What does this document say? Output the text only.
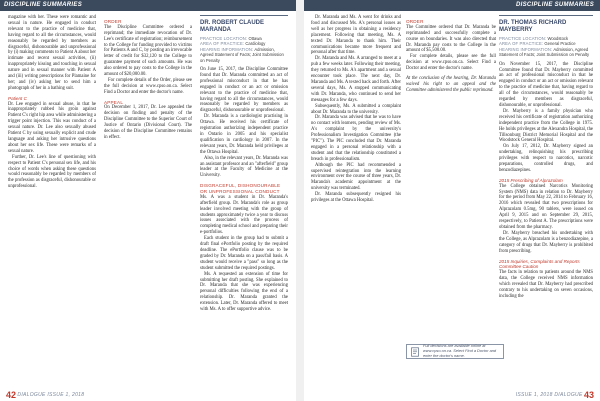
DISCIPLINE SUMMARIES	DISCIPLINE SUMMARIES

magazine with her. These were romantic and sexual in nature. He engaged in conduct relevant to the practice of medicine that, having regard to all the circumstances, would reasonably be regarded by members as disgraceful, dishonourable and unprofessional by (i) making comments to Patient A about her intimate and recent sexual activities, (ii) inappropriately kissing and touching in sexual nature and in sexual manner with Patient A and (iii) writing prescriptions for Plamaine for her; and (iv) asking her to send him a photograph of her in a bathing suit.

Patient C

Dr. Lee engaged in sexual abuse, in that he inappropriately rubbed his groin against Patient C's right hip area while administering a trigger point injection. This was conduct of a sexual nature. Dr. Lee also sexually abused Patient C by using sexually explicit and crude language and asking her intrusive questions about her sex life. These were remarks of a sexual nature.

Further, Dr. Lee's line of questioning with respect to Patient C's personal sex life, and his choice of words when asking these questions would reasonably be regarded by members of the profession as disgraceful, dishonourable or unprofessional.

DR. ROBERT CLAUDE MARANDA
PRACTICE LOCATION: Ottawa
AREA OF PRACTICE: Cardiology
HEARING INFORMATION: Admission, Agreed Statement of Facts; Joint Submission on Penalty

On June 15, 2017, the Discipline Committee found that Dr. Maranda committed an act of professional misconduct in that he has engaged in conduct or an act or omission relevant to the practice of medicine that, having regard to all the circumstances, would reasonably be regarded by members as disgraceful, dishonourable or unprofessional.

Dr. Maranda is a cardiologist practising in Ottawa. He received his certificate of registration authorizing independent practice in Ontario in 2005 and his specialist qualification in cardiology in 2007. In the relevant years, Dr. Maranda held privileges at the Ottawa Hospital.

Also, in the relevant years, Dr. Maranda was an assistant professor and an "afterfield" group leader at the Faculty of Medicine at the University.

DISGRACEFUL, DISHONOURABLE OR UNPROFESSIONAL CONDUCT

Ms. A was a student in Dr. Maranda's afterfield group. Dr. Maranda's role as group leader involved meeting with the group of students approximately twice a year to discuss issues associated with the process of completing medical school and preparing their e-portfolios.

Each student in the group had to submit a draft final ePortfolio posting by the required deadline. The ePortfolio clause was to be graded by Dr. Maranda on a pass/fail basis. A student would receive a "pass" so long as the student submitted the required postings.

Ms. A requested an extension of time for submitting her draft posting. She explained to Dr. Maranda that she was experiencing personal difficulties following the end of a relationship. Dr. Maranda granted the extension. Later, Dr. Maranda offered to meet with Ms. A to offer supportive advice.

Dr. Maranda and Ms. A went for drinks and food and discussed Ms. A's personal issues as well as her progress in obtaining a residency placement. Following that meeting, Ms. A texted Dr. Maranda to thank him. Their communications became more frequent and personal after that time.

Dr. Maranda and Ms. A arranged to meet at a pub a few weeks later. Following their meeting, they returned to Ms. A's apartment and a sexual encounter took place. The next day, Dr. Maranda and Ms. A texted back and forth. After several days, Ms. A stopped communicating with Dr. Maranda, who continued to send her messages for a few days.

Subsequently, Ms. A submitted a complaint about Dr. Maranda to the university.

Dr. Maranda was advised that he was to have no contact with learners, pending review of Ms. A's complaint by the university's Professionalism Investigation Committee (the "PIC"). The PIC concluded that Dr. Maranda engaged in a personal relationship with a student and that the relationship constituted a breach in professionalism.

Although the PIC had recommended a supervised reintegration into the learning environment over the course of three years, Dr. Maranda's academic appointment at the university was terminated.

Dr. Maranda subsequently resigned his privileges at the Ottawa Hospital.

ORDER

The Discipline Committee ordered a reprimand; the immediate revocation of Dr. Lee's certificate of registration; reimbursement to the College for funding provided to victims for Patients A and C, by posting an irrevocable letter of credit for $32,120 to the College to guarantee payment of such amounts. He was also ordered to pay costs to the College in the amount of $20,000.00.

For complete details of the Order, please see the full decision at www.cpso.on.ca. Select Find a Doctor and enter the doctor's name.

APPEAL

On December 1, 2017, Dr. Lee appealed the decision on finding and penalty of the Discipline Committee to the Superior Court of Justice of Ontario (Divisional Court). The decision of the Discipline Committee remains in effect.

ORDER

The Committee ordered that Dr. Maranda be reprimanded and successfully complete a course on boundaries. It was also directed that Dr. Maranda pay costs to the College in the amount of $5,500.00.

For complete details, please see the full decision at www.cpso.on.ca. Select Find a Doctor and enter the doctor's name.

At the conclusion of the hearing, Dr. Maranda waived his right to an appeal and the Committee administered the public reprimand.

DR. THOMAS RICHARD MAYBERRY
PRACTICE LOCATION: Woodstock
AREA OF PRACTICE: General Practice
HEARING INFORMATION: Admission, Agreed Statement of Facts; Joint Submission on Penalty

On November 15, 2017, the Discipline Committee found that Dr. Mayberry committed an act of professional misconduct in that he engaged in conduct or an act or omission relevant to the practice of medicine that, having regard to all of the circumstances, would reasonably be regarded by members as disgraceful, dishonourable, or unprofessional.

Dr. Mayberry is a family physician who received his certificate of registration authorizing independent practice from the College in 1975. He holds privileges at the Alexandra Hospital, the Tillsonburg District Memorial Hospital and the Woodstock General Hospital.

On July 17, 2012, Dr. Mayberry signed an undertaking, relinquishing his prescribing privileges with respect to narcotics, narcotic preparations, controlled drugs, and benzodiazepines.

2015 Prescribing of Alprazolam

The College obtained Narcotics Monitoring System (NMS) data in relation to Dr. Mayberry for the period from May 22, 2014 to February 16, 2016 which revealed that two prescriptions for Alprazolam 0.5mg, 90 tablets, were issued on April 9, 2015 and on September 29, 2015, respectively, to Patient A. The prescriptions were obtained from the pharmacy.

Dr. Mayberry breached his undertaking with the College, as Alprazolam is a benzodiazepine, a category of drugs that Dr. Mayberry is prohibited from prescribing.

2015 Inquiries, Complaints and Reports Committee Caution

The facts in relation to patients around the NMS data, the College received NMS information which revealed that Dr. Mayberry had prescribed contrary to his undertaking on seven occasions, including the

Full decisions are available online at www.cpso.on.ca. Select Find a Doctor and enter the doctor's name.
42 DIALOGUE ISSUE 1, 2018	ISSUE 1, 2018 DIALOGUE 43
